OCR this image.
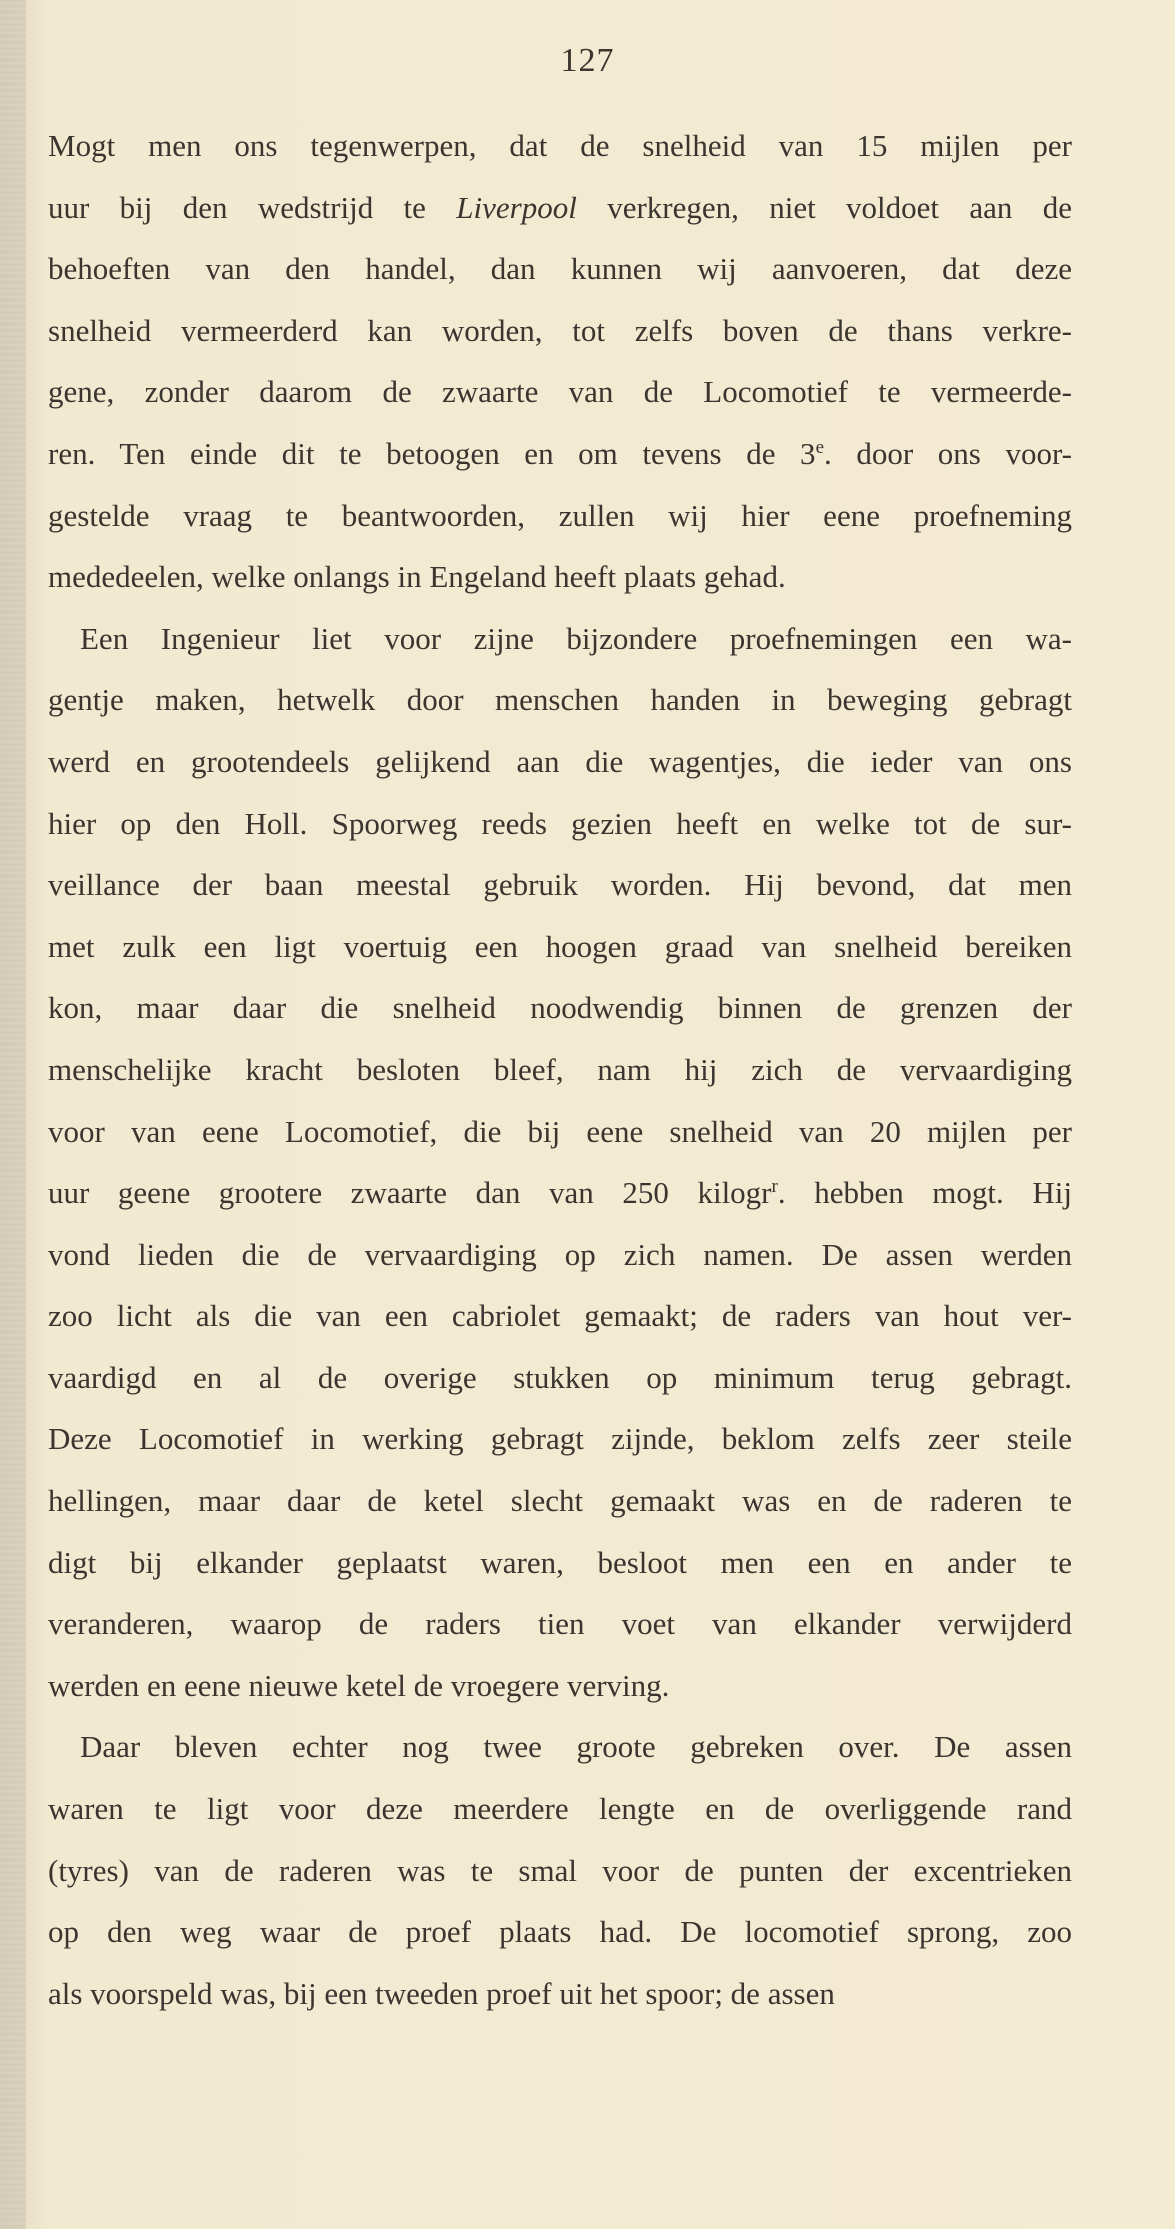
127
Mogt men ons tegenwerpen, dat de snelheid van 15 mijlen per
uur bij den wedstrijd te Liverpool verkregen, niet voldoet aan de
behoeften van den handel, dan kunnen wij aanvoeren, dat deze
snelheid vermeerderd kan worden, tot zelfs boven de thans verkre-
gene, zonder daarom de zwaarte van de Locomotief te vermeerde-
ren. Ten einde dit te betoogen en om tevens de 3e. door ons voor-
gestelde vraag te beantwoorden, zullen wij hier eene proefneming
mededeelen, welke onlangs in Engeland heeft plaats gehad.
Een Ingenieur liet voor zijne bijzondere proefnemingen een wa-
gentje maken, hetwelk door menschen handen in beweging gebragt
werd en grootendeels gelijkend aan die wagentjes, die ieder van ons
hier op den Holl. Spoorweg reeds gezien heeft en welke tot de sur-
veillance der baan meestal gebruik worden. Hij bevond, dat men
met zulk een ligt voertuig een hoogen graad van snelheid bereiken
kon, maar daar die snelheid noodwendig binnen de grenzen der
menschelijke kracht besloten bleef, nam hij zich de vervaardiging
voor van eene Locomotief, die bij eene snelheid van 20 mijlen per
uur geene grootere zwaarte dan van 250 kilogr$^r$. hebben mogt. Hij
vond lieden die de vervaardiging op zich namen. De assen werden
zoo licht als die van een cabriolet gemaakt; de raders van hout ver-
vaardigd en al de overige stukken op minimum terug gebragt.
Deze Locomotief in werking gebragt zijnde, beklom zelfs zeer steile
hellingen, maar daar de ketel slecht gemaakt was en de raderen te
digt bij elkander geplaatst waren, besloot men een en ander te
veranderen, waarop de raders tien voet van elkander verwijderd
werden en eene nieuwe ketel de vroegere verving.
Daar bleven echter nog twee groote gebreken over. De assen
waren te ligt voor deze meerdere lengte en de overliggende rand
(tyres) van de raderen was te smal voor de punten der excentrieken
op den weg waar de proef plaats had. De locomotief sprong, zoo
als voorspeld was, bij een tweeden proef uit het spoor; de assen
